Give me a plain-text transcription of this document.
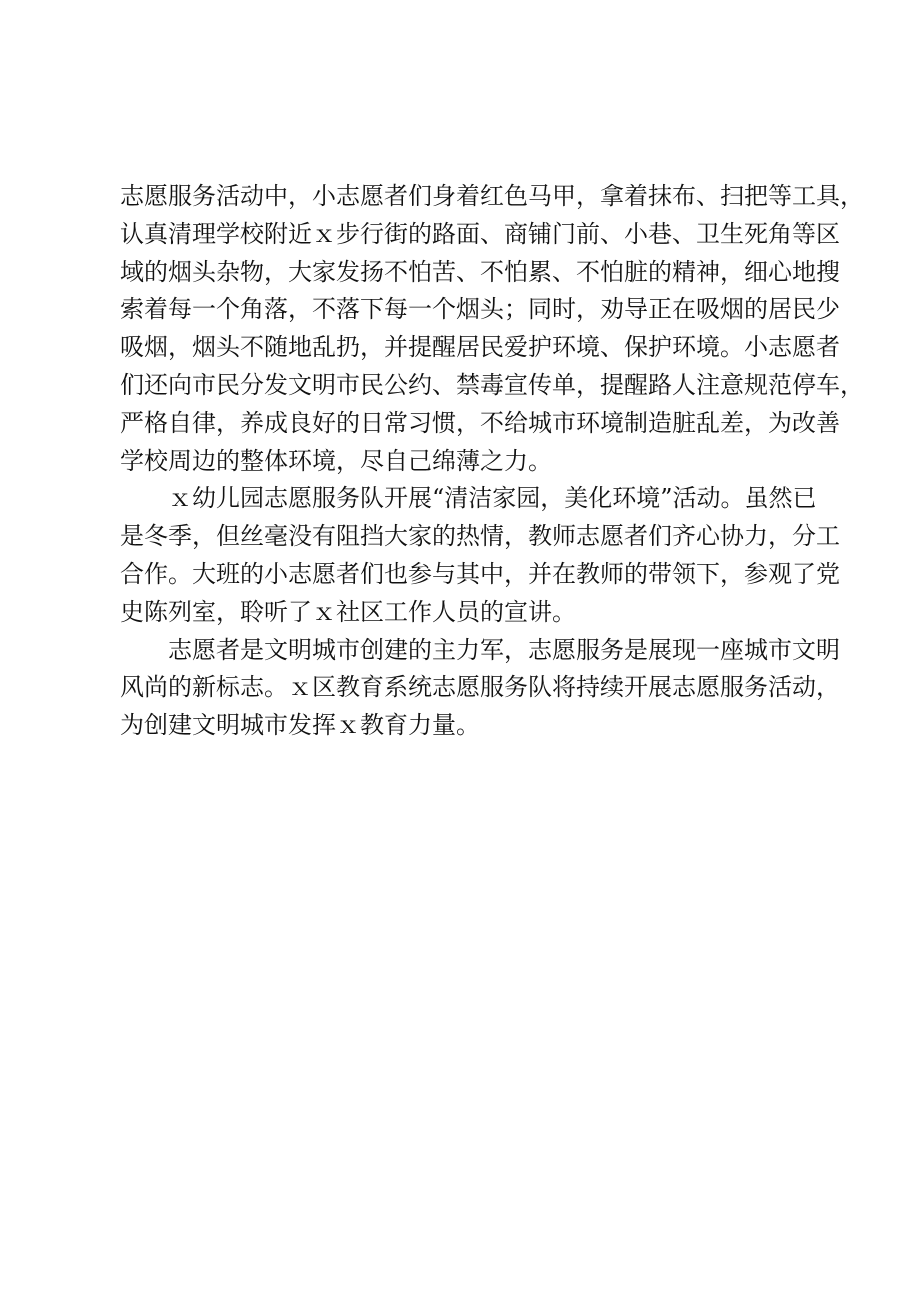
志愿服务活动中，小志愿者们身着红色马甲，拿着抹布、扫把等工具，
认真清理学校附近ｘ步行街的路面、商铺门前、小巷、卫生死角等区
域的烟头杂物，大家发扬不怕苦、不怕累、不怕脏的精神，细心地搜
索着每一个角落，不落下每一个烟头；同时，劝导正在吸烟的居民少
吸烟，烟头不随地乱扔，并提醒居民爱护环境、保护环境。小志愿者
们还向市民分发文明市民公约、禁毒宣传单，提醒路人注意规范停车，
严格自律，养成良好的日常习惯，不给城市环境制造脏乱差，为改善
学校周边的整体环境，尽自己绵薄之力。

ｘ幼儿园志愿服务队开展“清洁家园，美化环境”活动。虽然已
是冬季，但丝毫没有阻挡大家的热情，教师志愿者们齐心协力，分工
合作。大班的小志愿者们也参与其中，并在教师的带领下，参观了党
史陈列室，聆听了ｘ社区工作人员的宣讲。

志愿者是文明城市创建的主力军，志愿服务是展现一座城市文明
风尚的新标志。ｘ区教育系统志愿服务队将持续开展志愿服务活动，
为创建文明城市发挥ｘ教育力量。
